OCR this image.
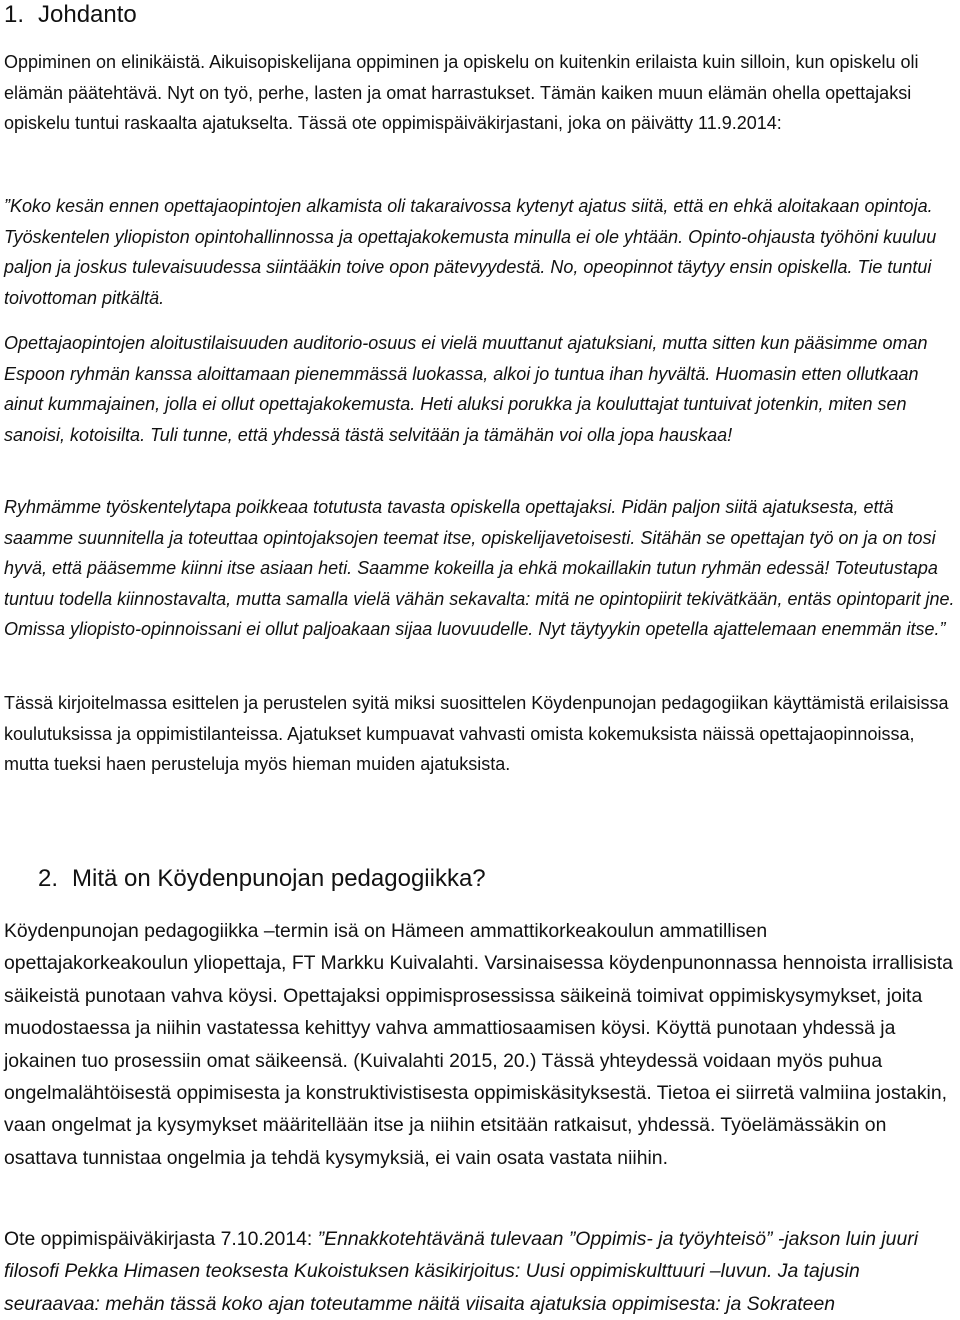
1. Johdanto

Oppiminen on elinikäistä. Aikuisopiskelijana oppiminen ja opiskelu on kuitenkin erilaista kuin silloin, kun opiskelu oli elämän päätehtävä. Nyt on työ, perhe, lasten ja omat harrastukset. Tämän kaiken muun elämän ohella opettajaksi opiskelu tuntui raskaalta ajatukselta. Tässä ote oppimispäiväkirjastani, joka on päivätty 11.9.2014:

”Koko kesän ennen opettajaopintojen alkamista oli takaraivossa kytenyt ajatus siitä, että en ehkä aloitakaan opintoja. Työskentelen yliopiston opintohallinnossa ja opettajakokemusta minulla ei ole yhtään. Opinto-ohjausta työhöni kuuluu paljon ja joskus tulevaisuudessa siintääkin toive opon pätevyydestä. No, opeopinnot täytyy ensin opiskella. Tie tuntui toivottoman pitkältä.

Opettajaopintojen aloitustilaisuuden auditorio-osuus ei vielä muuttanut ajatuksiani, mutta sitten kun pääsimme oman Espoon ryhmän kanssa aloittamaan pienemmässä luokassa, alkoi jo tuntua ihan hyvältä. Huomasin etten ollutkaan ainut kummajainen, jolla ei ollut opettajakokemusta. Heti aluksi porukka ja kouluttajat tuntuivat jotenkin, miten sen sanoisi, kotoisilta. Tuli tunne, että yhdessä tästä selvitään ja tämähän voi olla jopa hauskaa!

Ryhmämme työskentelytapa poikkeaa totutusta tavasta opiskella opettajaksi. Pidän paljon siitä ajatuksesta, että saamme suunnitella ja toteuttaa opintojaksojen teemat itse, opiskelijavetoisesti. Sitähän se opettajan työ on ja on tosi hyvä, että pääsemme kiinni itse asiaan heti. Saamme kokeilla ja ehkä mokaillakin tutun ryhmän edessä! Toteutustapa tuntuu todella kiinnostavalta, mutta samalla vielä vähän sekavalta: mitä ne opintopiirit tekivätkään, entäs opintoparit jne. Omissa yliopisto-opinnoissani ei ollut paljoakaan sijaa luovuudelle. Nyt täytyykin opetella ajattelemaan enemmän itse.”

Tässä kirjoitelmassa esittelen ja perustelen syitä miksi suosittelen Köydenpunojan pedagogiikan käyttämistä erilaisissa koulutuksissa ja oppimistilanteissa. Ajatukset kumpuavat vahvasti omista kokemuksista näissä opettajaopinnoissa, mutta tueksi haen perusteluja myös hieman muiden ajatuksista.

2. Mitä on Köydenpunojan pedagogiikka?

Köydenpunojan pedagogiikka –termin isä on Hämeen ammattikorkeakoulun ammatillisen opettajakorkeakoulun yliopettaja, FT Markku Kuivalahti. Varsinaisessa köydenpunonnassa hennoista irrallisista säikeistä punotaan vahva köysi. Opettajaksi oppimisprosessissa säikeinä toimivat oppimiskysymykset, joita muodostaessa ja niihin vastatessa kehittyy vahva ammattiosaamisen köysi. Köyttä punotaan yhdessä ja jokainen tuo prosessiin omat säikeensä. (Kuivalahti 2015, 20.) Tässä yhteydessä voidaan myös puhua ongelmalähtöisestä oppimisesta ja konstruktivistisesta oppimiskäsityksestä. Tietoa ei siirretä valmiina jostakin, vaan ongelmat ja kysymykset määritellään itse ja niihin etsitään ratkaisut, yhdessä. Työelämässäkin on osattava tunnistaa ongelmia ja tehdä kysymyksiä, ei vain osata vastata niihin.

Ote oppimispäiväkirjasta 7.10.2014: ”Ennakkotehtävänä tulevaan ”Oppimis- ja työyhteisö” -jakson luin juuri filosofi Pekka Himasen teoksesta Kukoistuksen käsikirjoitus: Uusi oppimiskulttuuri –luvun. Ja tajusin seuraavaa: mehän tässä koko ajan toteutamme näitä viisaita ajatuksia oppimisesta: ja Sokrateen
